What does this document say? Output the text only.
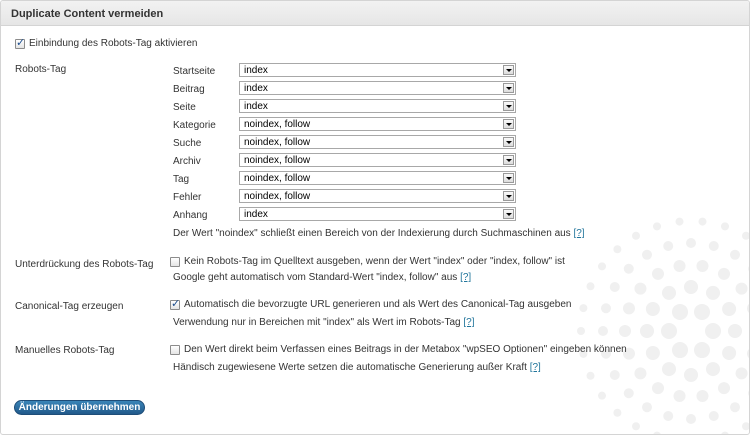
Duplicate Content vermeiden
✓
Einbindung des Robots-Tag aktivieren
Robots-Tag	Startseite	index
Beitrag	index
Seite	index
Kategorie	noindex, follow
Suche	noindex, follow
Archiv	noindex, follow
Tag	noindex, follow
Fehler	noindex, follow
Anhang	index
Der Wert "noindex" schließt einen Bereich von der Indexierung durch Suchmaschinen aus [?]
Unterdrückung des Robots-Tag	Kein Robots-Tag im Quelltext ausgeben, wenn der Wert "index" oder "index, follow" ist
Google geht automatisch vom Standard-Wert "index, follow" aus [?]
Canonical-Tag erzeugen
✓	Automatisch die bevorzugte URL generieren und als Wert des Canonical-Tag ausgeben
Verwendung nur in Bereichen mit "index" als Wert im Robots-Tag [?]
Manuelles Robots-Tag	Den Wert direkt beim Verfassen eines Beitrags in der Metabox "wpSEO Optionen" eingeben können
Händisch zugewiesene Werte setzen die automatische Generierung außer Kraft [?]
Änderungen übernehmen
